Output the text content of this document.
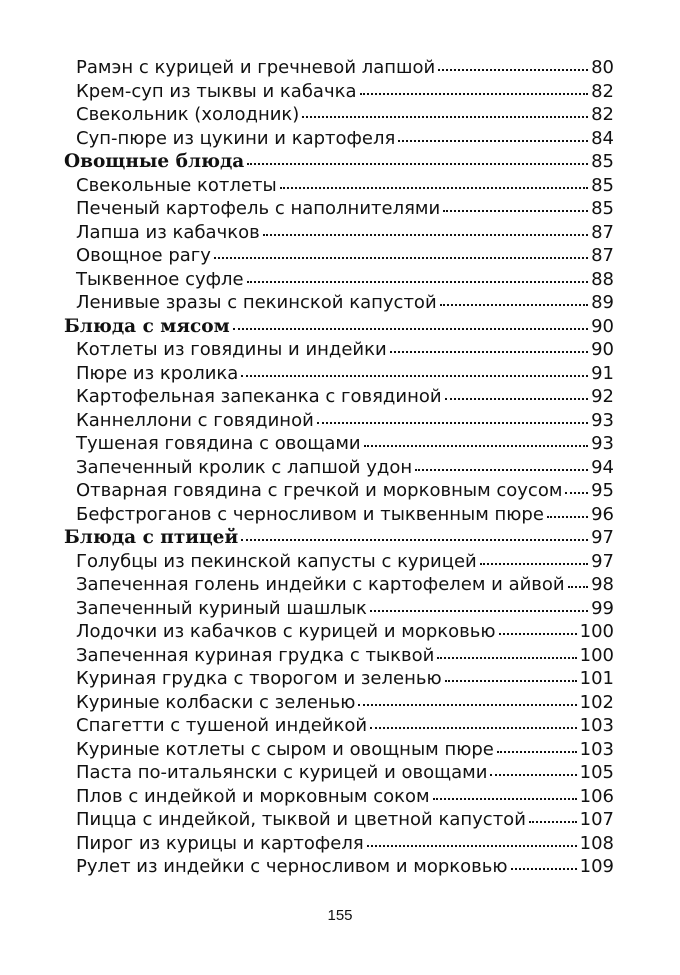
Рамэн с курицей и гречневой лапшой	80
Крем-суп из тыквы и кабачка	82
Свекольник (холодник)	82
Суп-пюре из цукини и картофеля	84
Овощные блюда	85
Свекольные котлеты	85
Печеный картофель с наполнителями	85
Лапша из кабачков	87
Овощное рагу	87
Тыквенное суфле	88
Ленивые зразы с пекинской капустой	89
Блюда с мясом	90
Котлеты из говядины и индейки	90
Пюре из кролика	91
Картофельная запеканка с говядиной	92
Каннеллони с говядиной	93
Тушеная говядина с овощами	93
Запеченный кролик с лапшой удон	94
Отварная говядина с гречкой и морковным соусом 95
Бефстроганов с черносливом и тыквенным пюре	96
Блюда с птицей	97
Голубцы из пекинской капусты с курицей	97
Запеченная голень индейки с картофелем и айвой 98
Запеченный куриный шашлык	99
Лодочки из кабачков с курицей и морковью	100
Запеченная куриная грудка с тыквой	100
Куриная грудка с творогом и зеленью	101
Куриные колбаски с зеленью	102
Спагетти с тушеной индейкой	103
Куриные котлеты с сыром и овощным пюре	103
Паста по-итальянски с курицей и овощами	105
Плов с индейкой и морковным соком	106
Пицца с индейкой, тыквой и цветной капустой	107
Пирог из курицы и картофеля	108
Рулет из индейки с черносливом и морковью	109
155
